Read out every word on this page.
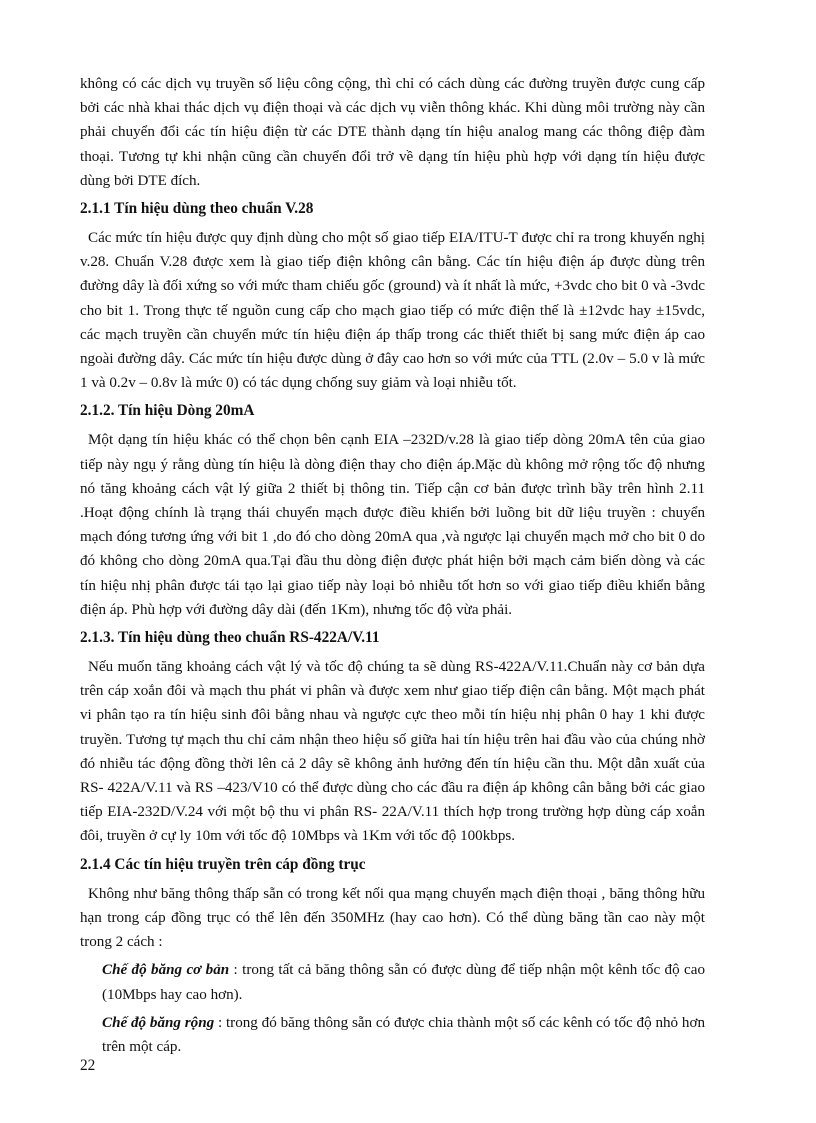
không có các dịch vụ truyền số liệu công cộng, thì chỉ có cách dùng các đường truyền được cung cấp bởi các nhà khai thác dịch vụ điện thoại và các dịch vụ viễn thông khác. Khi dùng môi trường này cần phải chuyển đổi các tín hiệu điện từ các DTE thành dạng tín hiệu analog mang các thông điệp đàm thoại. Tương tự khi nhận cũng cần chuyển đổi trở về dạng tín hiệu phù hợp với dạng tín hiệu được dùng bởi DTE đích.

2.1.1 Tín hiệu dùng theo chuẩn V.28

Các mức tín hiệu được quy định dùng cho một số giao tiếp EIA/ITU-T được chỉ ra trong khuyến nghị v.28. Chuẩn V.28 được xem là giao tiếp điện không cân bằng. Các tín hiệu điện áp được dùng trên đường dây là đối xứng so với mức tham chiếu gốc (ground) và ít nhất là mức, +3vdc cho bit 0 và -3vdc cho bit 1. Trong thực tế nguồn cung cấp cho mạch giao tiếp có mức điện thế là ±12vdc hay ±15vdc, các mạch truyền cần chuyển mức tín hiệu điện áp thấp trong các thiết thiết bị sang mức điện áp cao ngoài đường dây. Các mức tín hiệu được dùng ở đây cao hơn so với mức của TTL (2.0v – 5.0 v là mức 1 và 0.2v – 0.8v là mức 0) có tác dụng chống suy giảm và loại nhiễu tốt.

2.1.2. Tín hiệu Dòng 20mA

Một dạng tín hiệu khác có thể chọn bên cạnh EIA –232D/v.28 là giao tiếp dòng 20mA tên của giao tiếp này ngụ ý rằng dùng tín hiệu là dòng điện thay cho điện áp.Mặc dù không mở rộng tốc độ nhưng nó tăng khoảng cách vật lý giữa 2 thiết bị thông tin. Tiếp cận cơ bản được trình bầy trên hình 2.11 .Hoạt động chính là trạng thái chuyển mạch được điều khiển bởi luồng bit dữ liệu truyền : chuyển mạch đóng tương ứng với bit 1 ,do đó cho dòng 20mA qua ,và ngược lại chuyển mạch mở cho bit 0 do đó không cho dòng 20mA qua.Tại đầu thu dòng điện được phát hiện bởi mạch cảm biến dòng và các tín hiệu nhị phân được tái tạo lại giao tiếp này loại bỏ nhiễu tốt hơn so với giao tiếp điều khiển bằng điện áp. Phù hợp với đường dây dài (đến 1Km), nhưng tốc độ vừa phải.

2.1.3. Tín hiệu dùng theo chuẩn RS-422A/V.11

Nếu muốn tăng khoảng cách vật lý và tốc độ chúng ta sẽ dùng RS-422A/V.11.Chuẩn này cơ bản dựa trên cáp xoắn đôi và mạch thu phát vi phân và được xem như giao tiếp điện cân bằng. Một mạch phát vi phân tạo ra tín hiệu sinh đôi bằng nhau và ngược cực theo mỗi tín hiệu nhị phân 0 hay 1 khi được truyền. Tương tự mạch thu chỉ cảm nhận theo hiệu số giữa hai tín hiệu trên hai đầu vào của chúng nhờ đó nhiễu tác động đồng thời lên cả 2 dây sẽ không ảnh hưởng đến tín hiệu cần thu. Một dẫn xuất của RS- 422A/V.11 và RS –423/V10 có thể được dùng cho các đầu ra điện áp không cân bằng bởi các giao tiếp EIA-232D/V.24 với một bộ thu vi phân RS- 22A/V.11 thích hợp trong trường hợp dùng cáp xoắn đôi, truyền ở cự ly 10m với tốc độ 10Mbps và 1Km với tốc độ 100kbps.

2.1.4 Các tín hiệu truyền trên cáp đồng trục

Không như băng thông thấp sẵn có trong kết nối qua mạng chuyển mạch điện thoại , băng thông hữu hạn trong cáp đồng trục có thể lên đến 350MHz (hay cao hơn). Có thể dùng băng tần cao này một trong 2 cách :

Chế độ băng cơ bản : trong tất cả băng thông sẵn có được dùng để tiếp nhận một kênh tốc độ cao (10Mbps hay cao hơn).

Chế độ băng rộng : trong đó băng thông sẵn có được chia thành một số các kênh có tốc độ nhỏ hơn trên một cáp.

22
